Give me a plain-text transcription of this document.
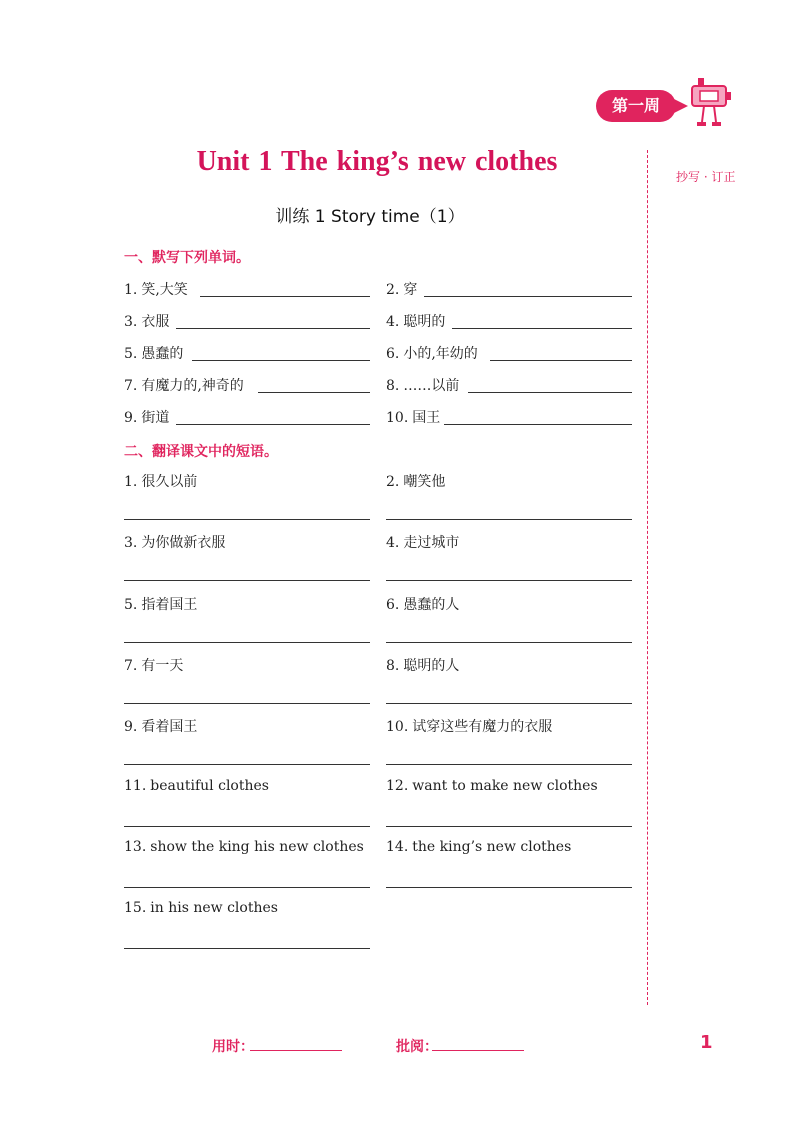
第一周
抄写 · 订正
Unit 1 The king’s new clothes
训练 1 Story time（1）
一、默写下列单词。
1. 笑,大笑	2. 穿
3. 衣服	4. 聪明的
5. 愚蠢的	6. 小的,年幼的
7. 有魔力的,神奇的	8. ……以前
9. 街道	10. 国王
二、翻译课文中的短语。
1. 很久以前	2. 嘲笑他
3. 为你做新衣服	4. 走过城市
5. 指着国王	6. 愚蠢的人
7. 有一天	8. 聪明的人
9. 看着国王	10. 试穿这些有魔力的衣服
11. beautiful clothes	12. want to make new clothes
13. show the king his new clothes 14. the king’s new clothes
15. in his new clothes
用时：	批阅：	1
